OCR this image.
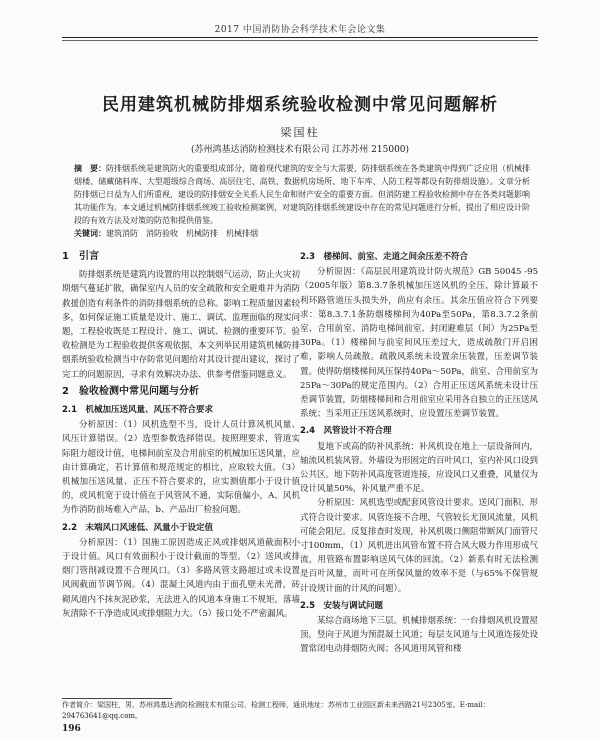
2017 中国消防协会科学技术年会论文集
民用建筑机械防排烟系统验收检测中常见问题解析
梁国柱
(苏州鸿基达消防检测技术有限公司 江苏苏州 215000)
摘　要：防排烟系统是建筑防火的重要组成部分，随着现代建筑的安全与大需要，防排烟系统在各类建筑中得到广泛应用（机械排烟楼、储藏储料库、大型超级综合商场、高层住宅、高铁、数据机房场所、地下车库、人防工程等都设有防排烟设施）。文章分析防排烟已日益为人们所重视，建设的防排烟安全关系人民生命和财产安全的重要方面。但消防建工程验收检测中存在各类问题影响其功能作为。本文通过机械防排烟系统竣工验收检测案例，对建筑防排烟系统建设中存在的常见问题进行分析，提出了相应设计阶段的有效方法及对策的防范和提供借鉴。
关键词：建筑消防　消防验收　机械防排　机械排烟
1　引言

防排烟系统是建筑内设置的用以控制烟气运动，防止火灾初期烟气蔓延扩散，确保室内人员的安全疏散和安全避难并为消防救援创造有利条件的消防排烟系统的总称。影响工程质量因素较多，如何保证施工质量是设计、施工、调试、监理面临的现实问题，工程验收既是工程设计、施工、调试、检测的重要环节。验收检测是为工程验收提供客观依据，本文列举民用建筑机械防排烟系统验收检测当中存防常见问题给对其设计提出建议，探讨了完工的问题原因，寻求有效解决办法、供参考借鉴同题意义。

2　验收检测中常见问题与分析
2.1　机械加压送风量、风压不符合要求

分析原因：（1）风机选型不当，设计人员计算风机风量、风压计算错误。（2）选型参数选择错误。按照理要求，管道实际阻力超设计值，电梯间前室及合用前室的机械加压送风量，应由计算确定，若计算值和规范规定的相比，应取较大值。（3）机械加压送风量、正压不符合要求的，应实测值都小于设计值的，或风机宽于设计值在于风管风不通，实际值偏小，A、风机为作消防前场难入产品，b、产品出厂检验问题。

2.2　末端风口风速低、风量小于设定值

分析原因：（1）国施工原因造成正风或排烟风道截面积小于设计值。风口有效面积小于设计截面的等型。（2）送风或排烟门管削减设置不合理风口。（3）多路风管支路超过或未设置风阀截面节调节阀。（4）混凝土风道内由于面孔壁未光滑，砖砌风道内不抹灰泥砂浆，无法进入的风道本身施工不规矩，落墙灰清除不干净造成风或排烟阻力大。（5）接口处不严密漏风。

2.3　楼梯间、前室、走道之间余压差不符合

分析原因：《高层民用建筑设计防火规范》GB 50045 -95（2005年版）第8.3.7条机械加压送风机的全压，除计算最不利环路管道压头损失外，尚应有余压。其余压值应符合下列要求：第8.3.7.1条防烟楼梯间为40Pa至50Pa，第8.3.7.2条前室、合用前室、消防电梯间前室、封闭避难层（间）为25Pa至30Pa。（1）楼梯间与前室间风压差过大，造成疏散门开启困难，影响人员疏散。疏散风系统未设置余压装置，压差调节装置。使得防烟楼梯间风压保持40Pa～50Pa，前室、合用前室为25Pa～30Pa的规定范围内。（2）合用正压送风系统未设计压差调节装置，防烟楼梯间和合用前室应采用各自独立的正压送风系统；当采用正压送风系统时，应设置压差调节装置。

2.4　风管设计不符合理

复地下或高的防补风系统：补风机设在地上一层设备间内，轴流风机装风管。外墙设为形固定的百叶风口，室内补风口设到公共区。地下防补风高度管道连接，应设风口又重叠，风量仅为设计风量50%，补风量严重不足。

分析原因：风机选型或配套风管设计要求。送风门面积、形式符合设计要求。风管连接不合理，气管较长尤顶风流量，风机可能会阻尼。反复排查时发现，补风机吸口侧阻带断风门面管尺寸100mm，（1）风机进出风管布置不符合风大吸力作用形成气流，用管路布置影响送风气体的回流。（2）新系有时无法检测是百叶风量，而叶可在所保风量的效率不是（与65%不保管规计设规计面的计风的问题）。

2.5　安装与调试问题

某综合商场地下三层。机械排烟系统：一台排烟风机设置屋顶，竖向于风道为预混凝土风道；每层支风道与土风道连接处设置常闭电动排烟防火阀；各风道用风管和楼

作者简介：梁国柱，男，苏州鸿基达消防检测技术有限公司，检测工程师，通讯地址：苏州市工业园区新未来西路21号2305室。E-mail：294763641@qq.com。
196
